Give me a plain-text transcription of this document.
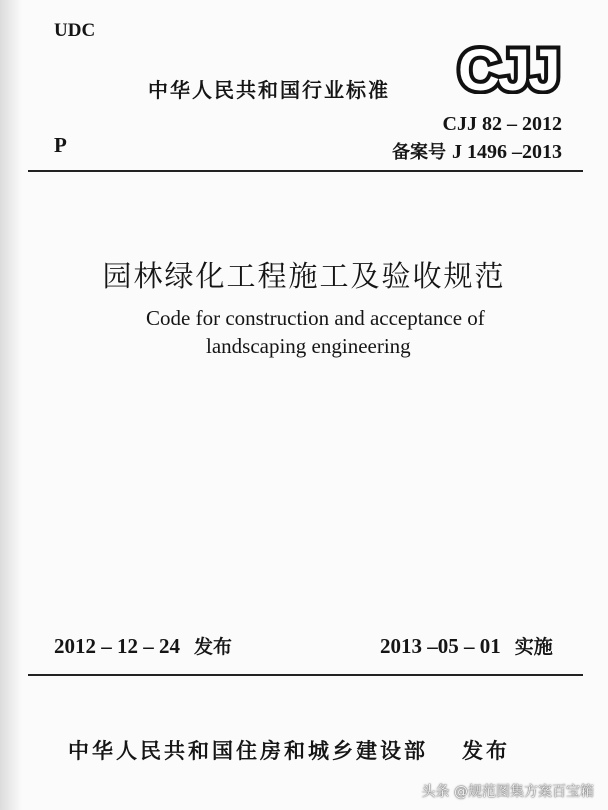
UDC
中华人民共和国行业标准 CJJ
CJJ 82 – 2012
备案号 J 1496 –2013
P
园林绿化工程施工及验收规范
Code for construction and acceptance of
landscaping engineering
2012 – 12 – 24 发布	2013 –05 – 01 实施
中华人民共和国住房和城乡建设部 发布
头条 @规范图集方案百宝箱
